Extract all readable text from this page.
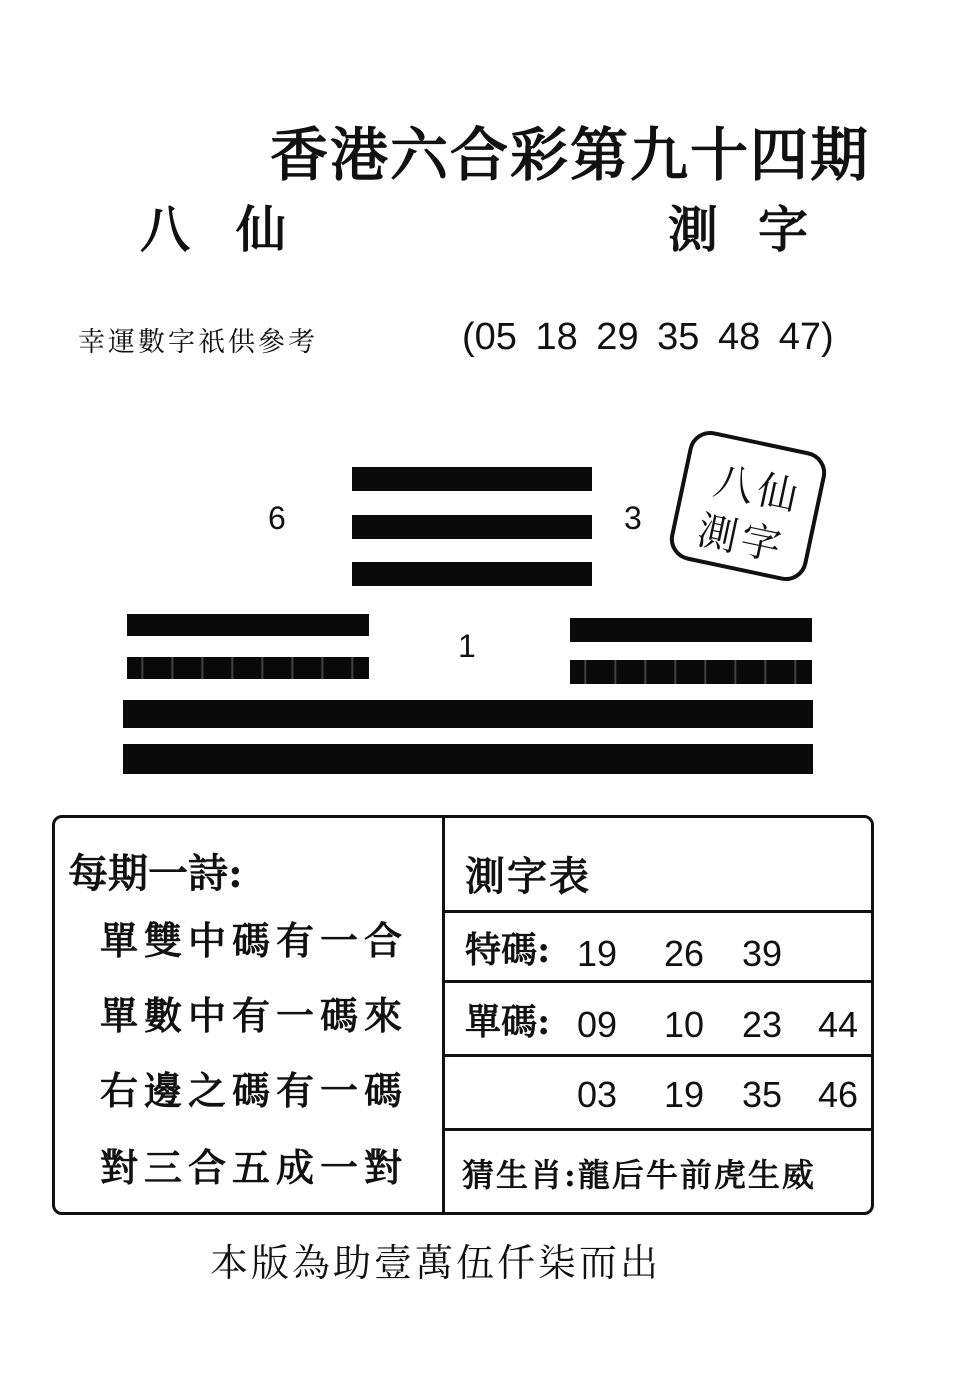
香港六合彩第九十四期
八仙	測字
幸運數字祇供參考	(05 18 29 35 48 47)
6	3
1
八仙
測字
每期一詩:
單雙中碼有一合
單數中有一碼來
右邊之碼有一碼
對三合五成一對
測字表
特碼: 19 26 39
單碼: 09 10 23 44
03 19 35 46
猜生肖:龍后牛前虎生威
本版為助壹萬伍仟柒而出
